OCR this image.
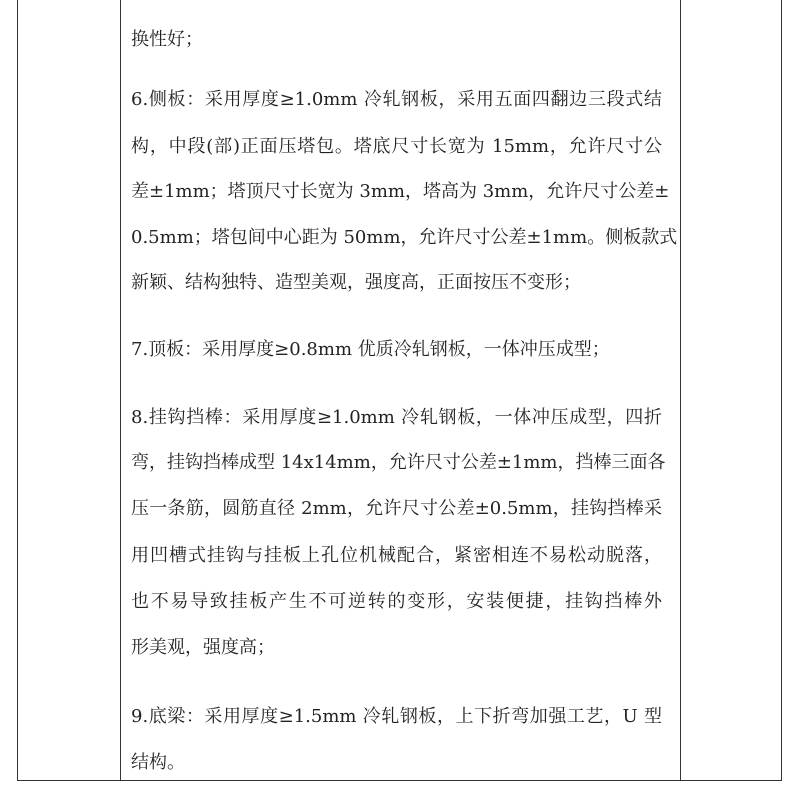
换性好；
6.侧板：采用厚度≥1.0mm 冷轧钢板，采用五面四翻边三段式结
构，中段(部)正面压塔包。塔底尺寸长宽为 15mm，允许尺寸公
差±1mm；塔顶尺寸长宽为 3mm，塔高为 3mm，允许尺寸公差±
0.5mm；塔包间中心距为 50mm，允许尺寸公差±1mm。侧板款式
新颖、结构独特、造型美观，强度高，正面按压不变形；
7.顶板：采用厚度≥0.8mm 优质冷轧钢板，一体冲压成型；
8.挂钩挡棒：采用厚度≥1.0mm 冷轧钢板，一体冲压成型，四折
弯，挂钩挡棒成型 14x14mm，允许尺寸公差±1mm，挡棒三面各
压一条筋，圆筋直径 2mm，允许尺寸公差±0.5mm，挂钩挡棒采
用凹槽式挂钩与挂板上孔位机械配合，紧密相连不易松动脱落，
也不易导致挂板产生不可逆转的变形，安装便捷，挂钩挡棒外
形美观，强度高；
9.底梁：采用厚度≥1.5mm 冷轧钢板，上下折弯加强工艺，U 型
结构。
